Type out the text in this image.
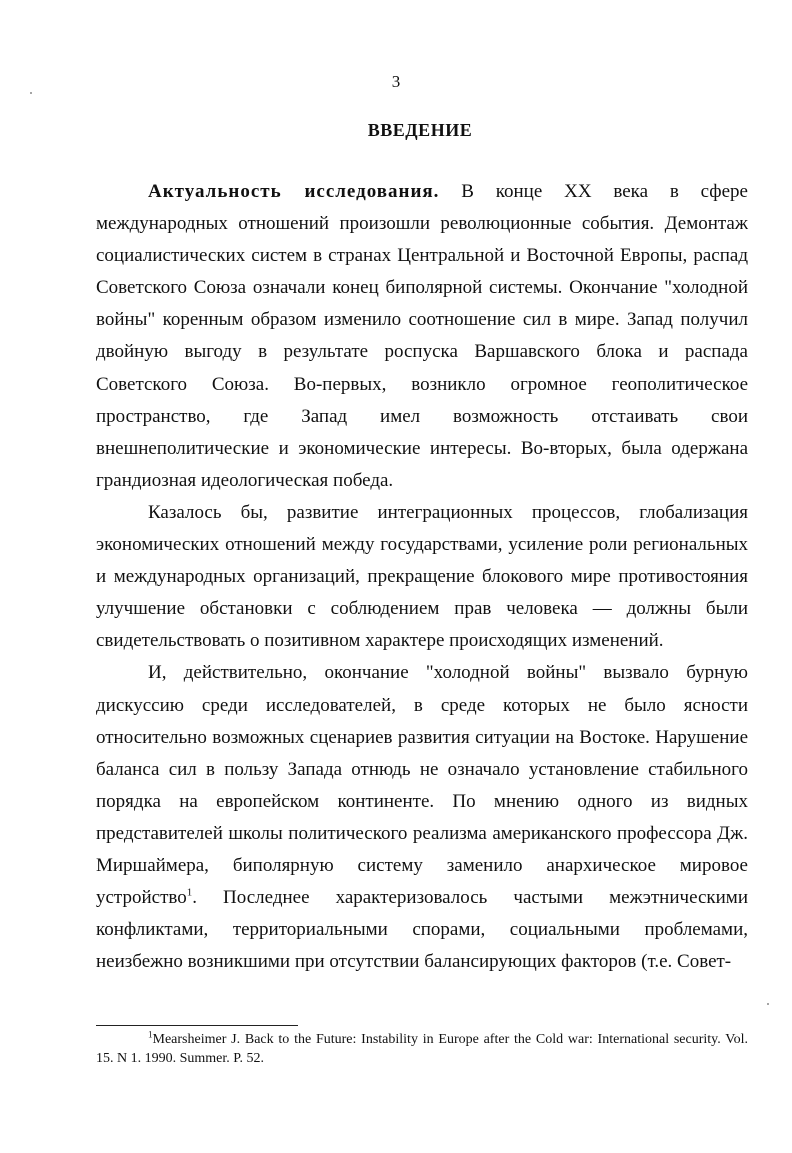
3
ВВЕДЕНИЕ

Актуальность исследования. В конце XX века в сфере международных отношений произошли революционные события. Демонтаж социалистических систем в странах Центральной и Восточной Европы, распад Советского Союза означали конец биполярной системы. Окончание "холодной войны" коренным образом изменило соотношение сил в мире. Запад получил двойную выгоду в результате роспуска Варшавского блока и распада Советского Союза. Во-первых, возникло огромное геополитическое пространство, где Запад имел возможность отстаивать свои внешнеполитические и экономические интересы. Во-вторых, была одержана грандиозная идеологическая победа.

Казалось бы, развитие интеграционных процессов, глобализация экономических отношений между государствами, усиление роли региональных и международных организаций, прекращение блокового мире противостояния улучшение обстановки с соблюдением прав человека — должны были свидетельствовать о позитивном характере происходящих изменений.

И, действительно, окончание "холодной войны" вызвало бурную дискуссию среди исследователей, в среде которых не было ясности относительно возможных сценариев развития ситуации на Востоке. Нарушение баланса сил в пользу Запада отнюдь не означало установление стабильного порядка на европейском континенте. По мнению одного из видных представителей школы политического реализма американского профессора Дж. Миршаймера, биполярную систему заменило анархическое мировое устройство$^1$. Последнее характеризовалось частыми межэтническими конфликтами, территориальными спорами, социальными проблемами, неизбежно возникшими при отсутствии балансирующих факторов (т.е. Совет-

$^1$Mearsheimer J. Back to the Future: Instability in Europe after the Cold war: International security. Vol. 15. N 1. 1990. Summer. P. 52.
